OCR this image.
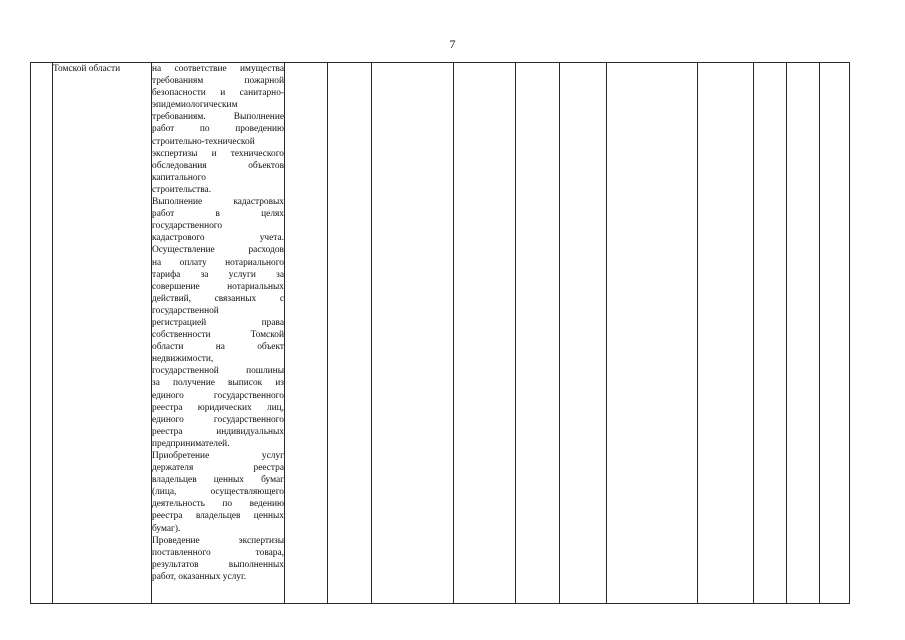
7
	Томской области	на соответствие имущества
требованиям пожарной
безопасности и санитарно-
эпидемиологическим
требованиям. Выполнение
работ по проведению
строительно-технической
экспертизы и технического
обследования объектов
капитального
строительства.
Выполнение кадастровых
работ в целях
государственного
кадастрового учета.
Осуществление расходов
на оплату нотариального
тарифа за услуги за
совершение нотариальных
действий, связанных с
государственной
регистрацией права
собственности Томской
области на объект
недвижимости,
государственной пошлины
за получение выписок из
единого государственного
реестра юридических лиц,
единого государственного
реестра индивидуальных
предпринимателей.
Приобретение услуг
держателя реестра
владельцев ценных бумаг
(лица, осуществляющего
деятельность по ведению
реестра владельцев ценных
бумаг).
Проведение экспертизы
поставленного товара,
результатов выполненных
работ, оказанных услуг.
